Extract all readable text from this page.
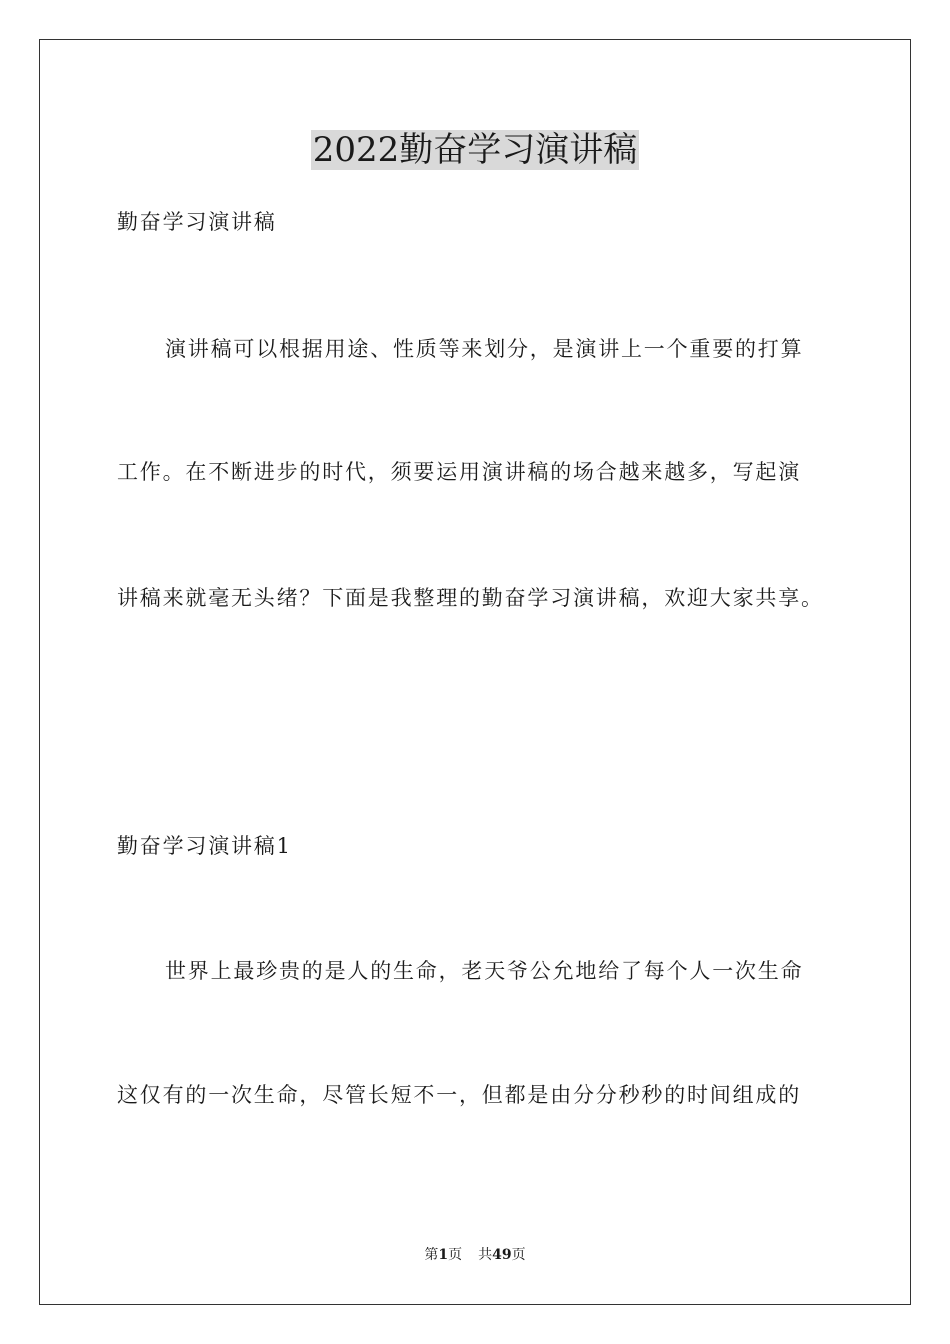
2022勤奋学习演讲稿
勤奋学习演讲稿
演讲稿可以根据用途、性质等来划分，是演讲上一个重要的打算
工作。在不断进步的时代，须要运用演讲稿的场合越来越多，写起演
讲稿来就毫无头绪？下面是我整理的勤奋学习演讲稿，欢迎大家共享。
勤奋学习演讲稿1
世界上最珍贵的是人的生命，老天爷公允地给了每个人一次生命
这仅有的一次生命，尽管长短不一，但都是由分分秒秒的时间组成的
第1页 共49页
